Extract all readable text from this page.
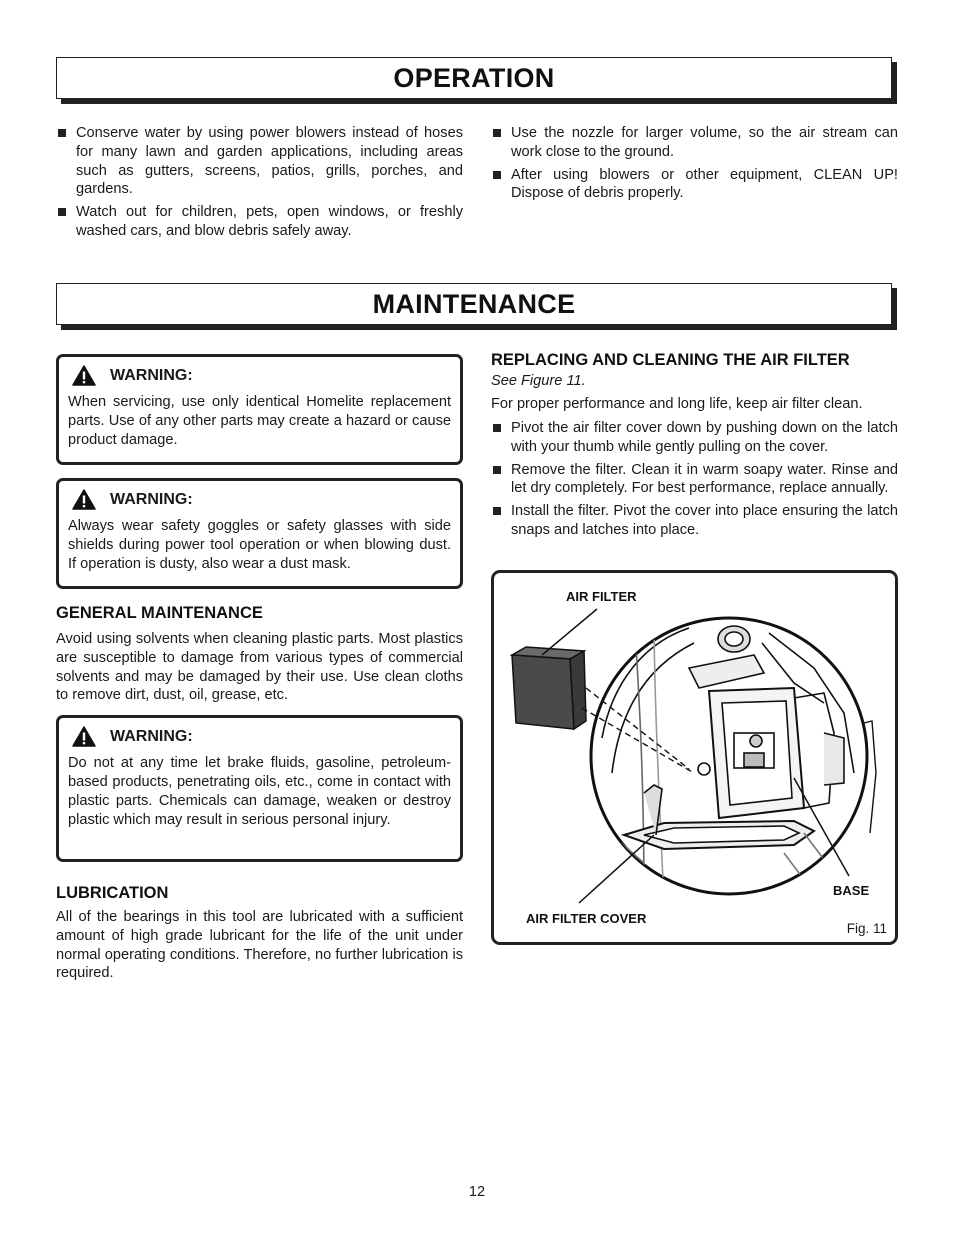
OPERATION
Conserve water by using power blowers instead of hoses for many lawn and garden applications, including areas such as gutters, screens, patios, grills, porches, and gardens.
Watch out for children, pets, open windows, or freshly washed cars, and blow debris safely away.
Use the nozzle for larger volume, so the air stream can work close to the ground.
After using blowers or other equipment, CLEAN UP! Dispose of debris properly.
MAINTENANCE
WARNING:
When servicing, use only identical Homelite replacement parts. Use of any other parts may create a hazard or cause product damage.
WARNING:
Always wear safety goggles or safety glasses with side shields during power tool operation or when blowing dust. If operation is dusty, also wear a dust mask.
GENERAL MAINTENANCE
Avoid using solvents when cleaning plastic parts. Most plastics are susceptible to damage from various types of commercial solvents and may be damaged by their use. Use clean cloths to remove dirt, dust, oil, grease, etc.
WARNING:
Do not at any time let brake fluids, gasoline, petroleum-based products, penetrating oils, etc., come in contact with plastic parts. Chemicals can damage, weaken or destroy plastic which may result in serious personal injury.
LUBRICATION
All of the bearings in this tool are lubricated with a sufficient amount of high grade lubricant for the life of the unit under normal operating conditions. Therefore, no further lubrication is required.
REPLACING AND CLEANING THE AIR FILTER
See Figure 11.
For proper performance and long life, keep air filter clean.
Pivot the air filter cover down by pushing down on the latch with your thumb while gently pulling on the cover.
Remove the filter. Clean it in warm soapy water. Rinse and let dry completely. For best performance, replace annually.
Install the filter. Pivot the cover into place ensuring the latch snaps and latches into place.
AIR FILTER
BASE
AIR FILTER COVER
Fig. 11
12
